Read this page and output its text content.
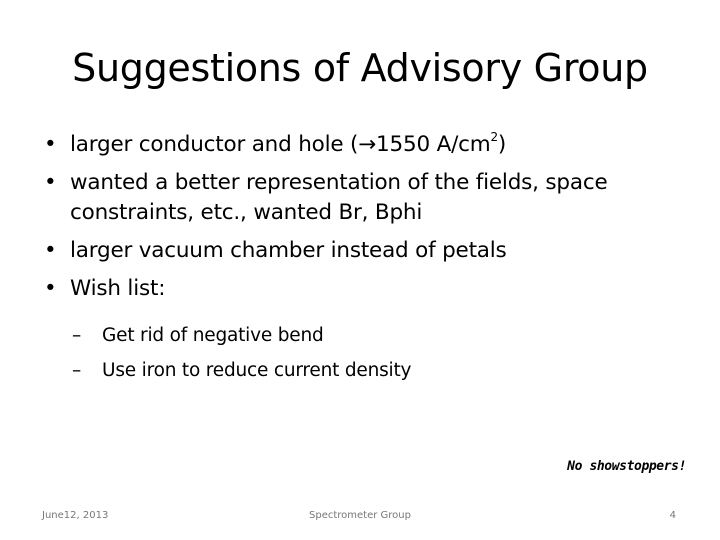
Suggestions of Advisory Group
• larger conductor and hole (→1550 $A/cm^2$)
• wanted a better representation of the fields, space constraints, etc., wanted Br, Bphi
• larger vacuum chamber instead of petals
• Wish list:
– Get rid of negative bend
– Use iron to reduce current density
No showstoppers!
June12, 2013	Spectrometer Group	4
